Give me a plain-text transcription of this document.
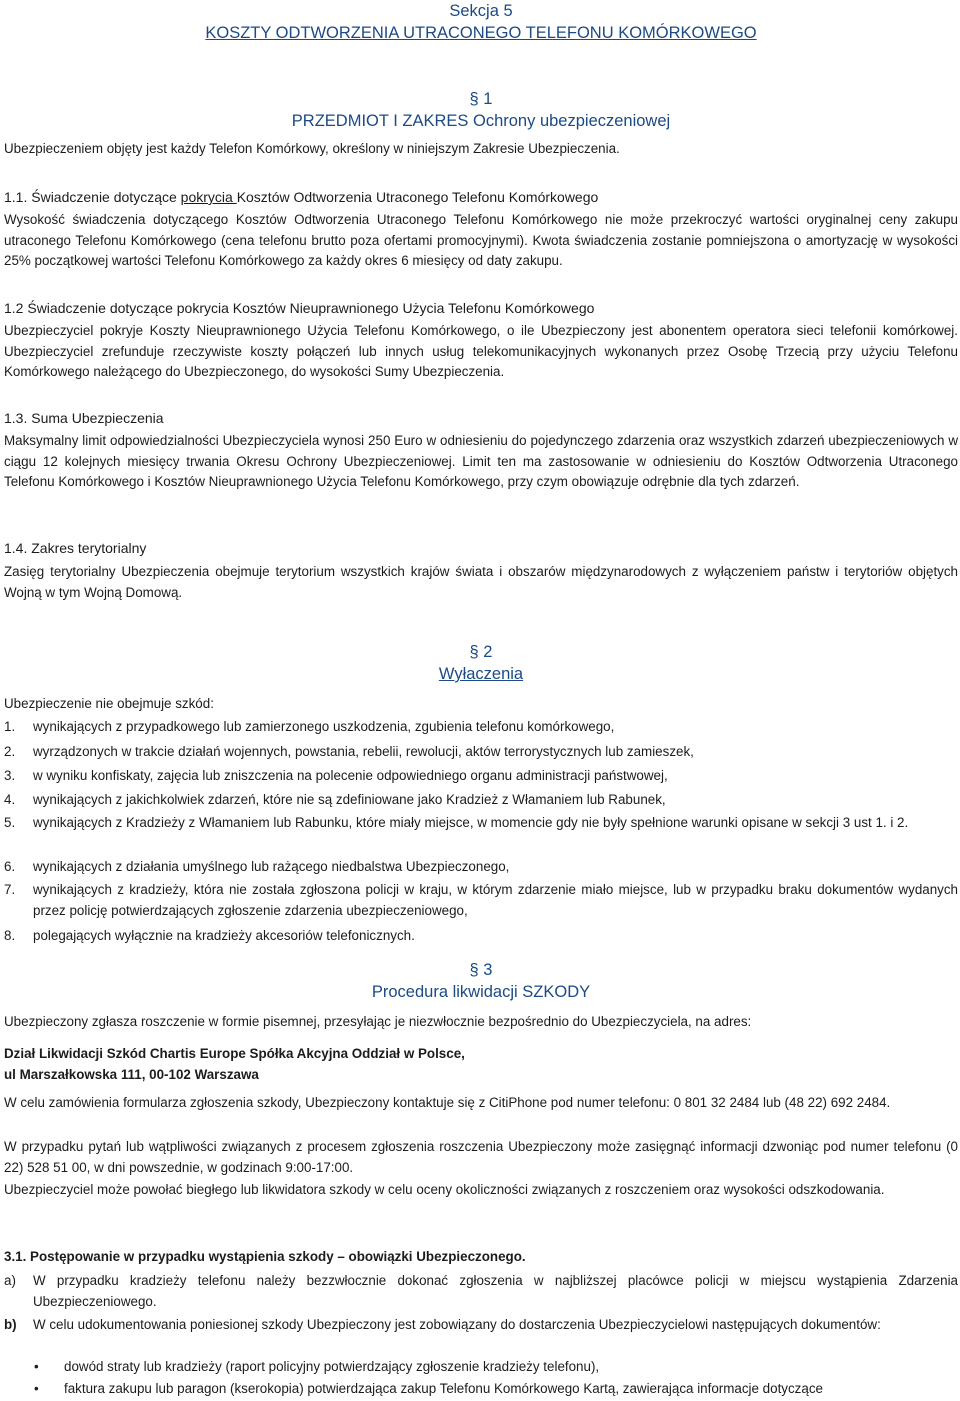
Sekcja 5
KOSZTY ODTWORZENIA UTRACONEGO TELEFONU KOMÓRKOWEGO
§ 1
PRZEDMIOT I ZAKRES Ochrony ubezpieczeniowej

Ubezpieczeniem objęty jest każdy Telefon Komórkowy, określony w niniejszym Zakresie Ubezpieczenia.

1.1. Świadczenie dotyczące pokrycia Kosztów Odtworzenia Utraconego Telefonu Komórkowego

Wysokość świadczenia dotyczącego Kosztów Odtworzenia Utraconego Telefonu Komórkowego nie może przekroczyć wartości oryginalnej ceny zakupu utraconego Telefonu Komórkowego (cena telefonu brutto poza ofertami promocyjnymi). Kwota świadczenia zostanie pomniejszona o amortyzację w wysokości 25% początkowej wartości Telefonu Komórkowego za każdy okres 6 miesięcy od daty zakupu.

1.2 Świadczenie dotyczące pokrycia Kosztów Nieuprawnionego Użycia Telefonu Komórkowego

Ubezpieczyciel pokryje Koszty Nieuprawnionego Użycia Telefonu Komórkowego, o ile Ubezpieczony jest abonentem operatora sieci telefonii komórkowej. Ubezpieczyciel zrefunduje rzeczywiste koszty połączeń lub innych usług telekomunikacyjnych wykonanych przez Osobę Trzecią przy użyciu Telefonu Komórkowego należącego do Ubezpieczonego, do wysokości Sumy Ubezpieczenia.

1.3. Suma Ubezpieczenia

Maksymalny limit odpowiedzialności Ubezpieczyciela wynosi 250 Euro w odniesieniu do pojedynczego zdarzenia oraz wszystkich zdarzeń ubezpieczeniowych w ciągu 12 kolejnych miesięcy trwania Okresu Ochrony Ubezpieczeniowej. Limit ten ma zastosowanie w odniesieniu do Kosztów Odtworzenia Utraconego Telefonu Komórkowego i Kosztów Nieuprawnionego Użycia Telefonu Komórkowego, przy czym obowiązuje odrębnie dla tych zdarzeń.

1.4. Zakres terytorialny

Zasięg terytorialny Ubezpieczenia obejmuje terytorium wszystkich krajów świata i obszarów międzynarodowych z wyłączeniem państw i terytoriów objętych Wojną w tym Wojną Domową.

§ 2
Wyłaczenia

Ubezpieczenie nie obejmuje szkód:

1.	wynikających z przypadkowego lub zamierzonego uszkodzenia, zgubienia telefonu komórkowego,
2.	wyrządzonych w trakcie działań wojennych, powstania, rebelii, rewolucji, aktów terrorystycznych lub zamieszek,
3.	w wyniku konfiskaty, zajęcia lub zniszczenia na polecenie odpowiedniego organu administracji państwowej,
4.	wynikających z jakichkolwiek zdarzeń, które nie są zdefiniowane jako Kradzież z Włamaniem lub Rabunek,
5.	wynikających z Kradzieży z Włamaniem lub Rabunku, które miały miejsce, w momencie gdy nie były spełnione warunki opisane w sekcji 3 ust 1. i 2.
6.	wynikających z działania umyślnego lub rażącego niedbalstwa Ubezpieczonego,
7.	wynikających z kradzieży, która nie została zgłoszona policji w kraju, w którym zdarzenie miało miejsce, lub w przypadku braku dokumentów wydanych przez policję potwierdzających zgłoszenie zdarzenia ubezpieczeniowego,
8.	polegających wyłącznie na kradzieży akcesoriów telefonicznych.
§ 3
Procedura likwidacji SZKODY

Ubezpieczony zgłasza roszczenie w formie pisemnej, przesyłając je niezwłocznie bezpośrednio do Ubezpieczyciela, na adres:

Dział Likwidacji Szkód Chartis Europe Spółka Akcyjna Oddział w Polsce,
ul Marszałkowska 111, 00-102 Warszawa

W celu zamówienia formularza zgłoszenia szkody, Ubezpieczony kontaktuje się z CitiPhone pod numer telefonu: 0 801 32 2484 lub (48 22) 692 2484.

W przypadku pytań lub wątpliwości związanych z procesem zgłoszenia roszczenia Ubezpieczony może zasięgnąć informacji dzwoniąc pod numer telefonu (0 22) 528 51 00, w dni powszednie, w godzinach 9:00-17:00.

Ubezpieczyciel może powołać biegłego lub likwidatora szkody w celu oceny okoliczności związanych z roszczeniem oraz wysokości odszkodowania.

3.1. Postępowanie w przypadku wystąpienia szkody – obowiązki Ubezpieczonego.
a)	W przypadku kradzieży telefonu należy bezzwłocznie dokonać zgłoszenia w najbliższej placówce policji w miejscu wystąpienia Zdarzenia Ubezpieczeniowego.
b)	W celu udokumentowania poniesionej szkody Ubezpieczony jest zobowiązany do dostarczenia Ubezpieczycielowi następujących dokumentów:
•	dowód straty lub kradzieży (raport policyjny potwierdzający zgłoszenie kradzieży telefonu),
•	faktura zakupu lub paragon (kserokopia) potwierdzająca zakup Telefonu Komórkowego Kartą, zawierająca informacje dotyczące
